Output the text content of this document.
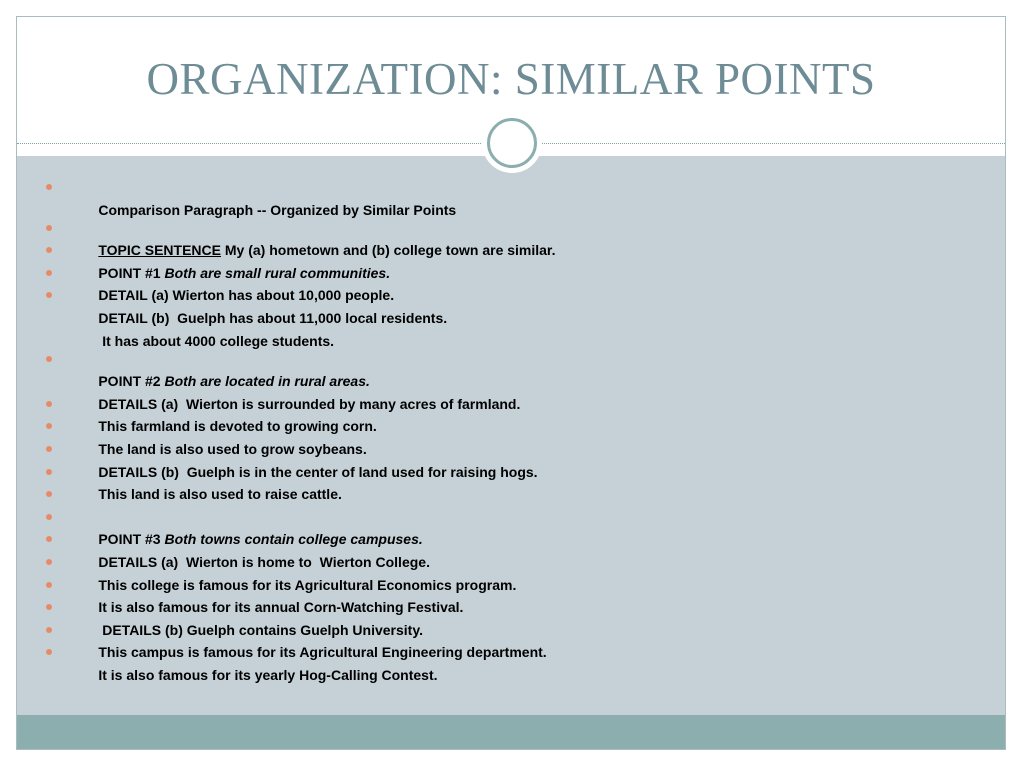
ORGANIZATION: SIMILAR POINTS

Comparison Paragraph -- Organized by Similar Points

TOPIC SENTENCE My (a) hometown and (b) college town are similar.

POINT #1 Both are small rural communities.

DETAIL (a) Wierton has about 10,000 people.

DETAIL (b)  Guelph has about 11,000 local residents.

It has about 4000 college students.

POINT #2 Both are located in rural areas.

DETAILS (a)  Wierton is surrounded by many acres of farmland.

This farmland is devoted to growing corn.

The land is also used to grow soybeans.

DETAILS (b)  Guelph is in the center of land used for raising hogs.

This land is also used to raise cattle.

POINT #3 Both towns contain college campuses.

DETAILS (a)  Wierton is home to  Wierton College.

This college is famous for its Agricultural Economics program.

It is also famous for its annual Corn-Watching Festival.

DETAILS (b) Guelph contains Guelph University.

This campus is famous for its Agricultural Engineering department.

It is also famous for its yearly Hog-Calling Contest.
